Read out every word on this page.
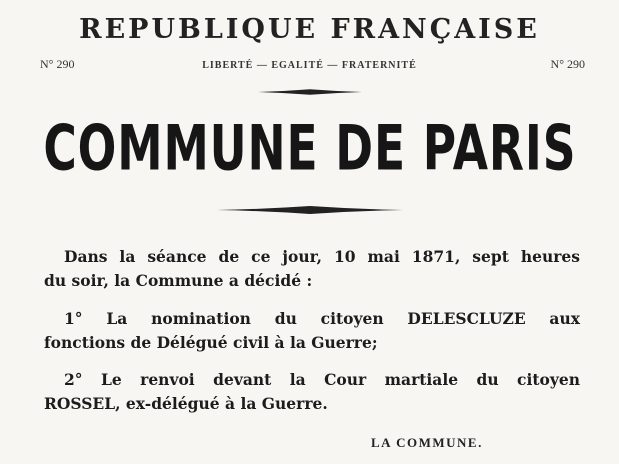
REPUBLIQUE FRANÇAISE
N° 290	LIBERTÉ — EGALITÉ — FRATERNITÉ	N° 290
COMMUNE DE PARIS
Dans la séance de ce jour, 10 mai 1871, sept heures
du soir, la Commune a décidé :
1° La nomination du citoyen DELESCLUZE aux
fonctions de Délégué civil à la Guerre;
2° Le renvoi devant la Cour martiale du citoyen
ROSSEL, ex-délégué à la Guerre.
LA COMMUNE.
